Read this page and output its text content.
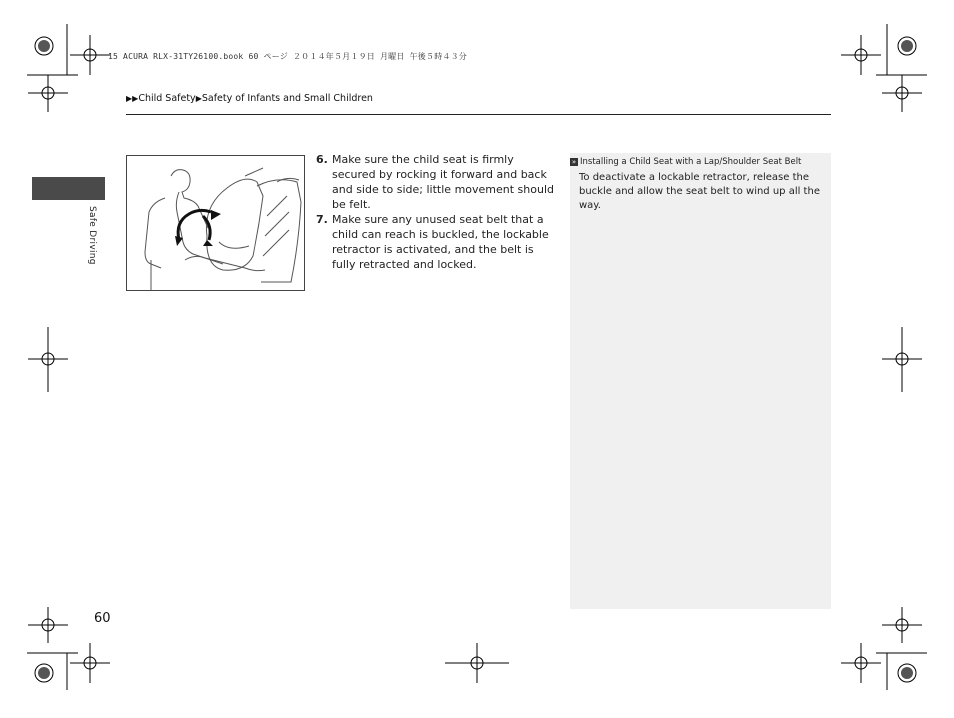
15 ACURA RLX-31TY26100.book 60 ページ ２０１４年５月１９日 月曜日 午後５時４３分
▶▶Child Safety▶Safety of Infants and Small Children
Safe Driving
6. Make sure the child seat is firmly secured by rocking it forward and back and side to side; little movement should be felt.
7. Make sure any unused seat belt that a child can reach is buckled, the lockable retractor is activated, and the belt is fully retracted and locked.
» Installing a Child Seat with a Lap/Shoulder Seat Belt
To deactivate a lockable retractor, release the buckle and allow the seat belt to wind up all the way.
60
